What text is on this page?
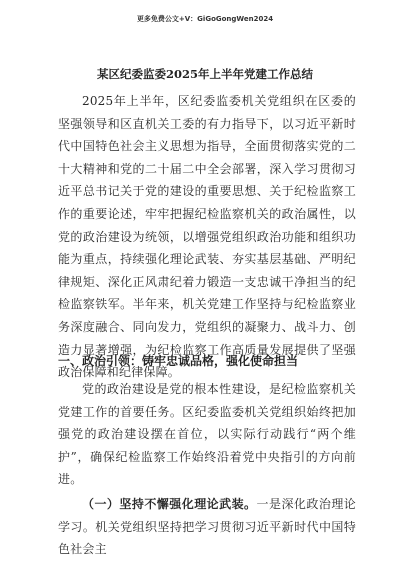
更多免费公文+V：GiGoGongWen2024
某区纪委监委2025年上半年党建工作总结

2025年上半年，区纪委监委机关党组织在区委的坚强领导和区直机关工委的有力指导下，以习近平新时代中国特色社会主义思想为指导，全面贯彻落实党的二十大精神和党的二十届二中全会部署，深入学习贯彻习近平总书记关于党的建设的重要思想、关于纪检监察工作的重要论述，牢牢把握纪检监察机关的政治属性，以党的政治建设为统领，以增强党组织政治功能和组织功能为重点，持续强化理论武装、夯实基层基础、严明纪律规矩、深化正风肃纪着力锻造一支忠诚干净担当的纪检监察铁军。半年来，机关党建工作坚持与纪检监察业务深度融合、同向发力，党组织的凝聚力、战斗力、创造力显著增强，为纪检监察工作高质量发展提供了坚强政治保障和纪律保障。

一、政治引领：铸牢忠诚品格，强化使命担当

党的政治建设是党的根本性建设，是纪检监察机关党建工作的首要任务。区纪委监委机关党组织始终把加强党的政治建设摆在首位，以实际行动践行“两个维护”，确保纪检监察工作始终沿着党中央指引的方向前进。

（一）坚持不懈强化理论武装。一是深化政治理论学习。机关党组织坚持把学习贯彻习近平新时代中国特色社会主
